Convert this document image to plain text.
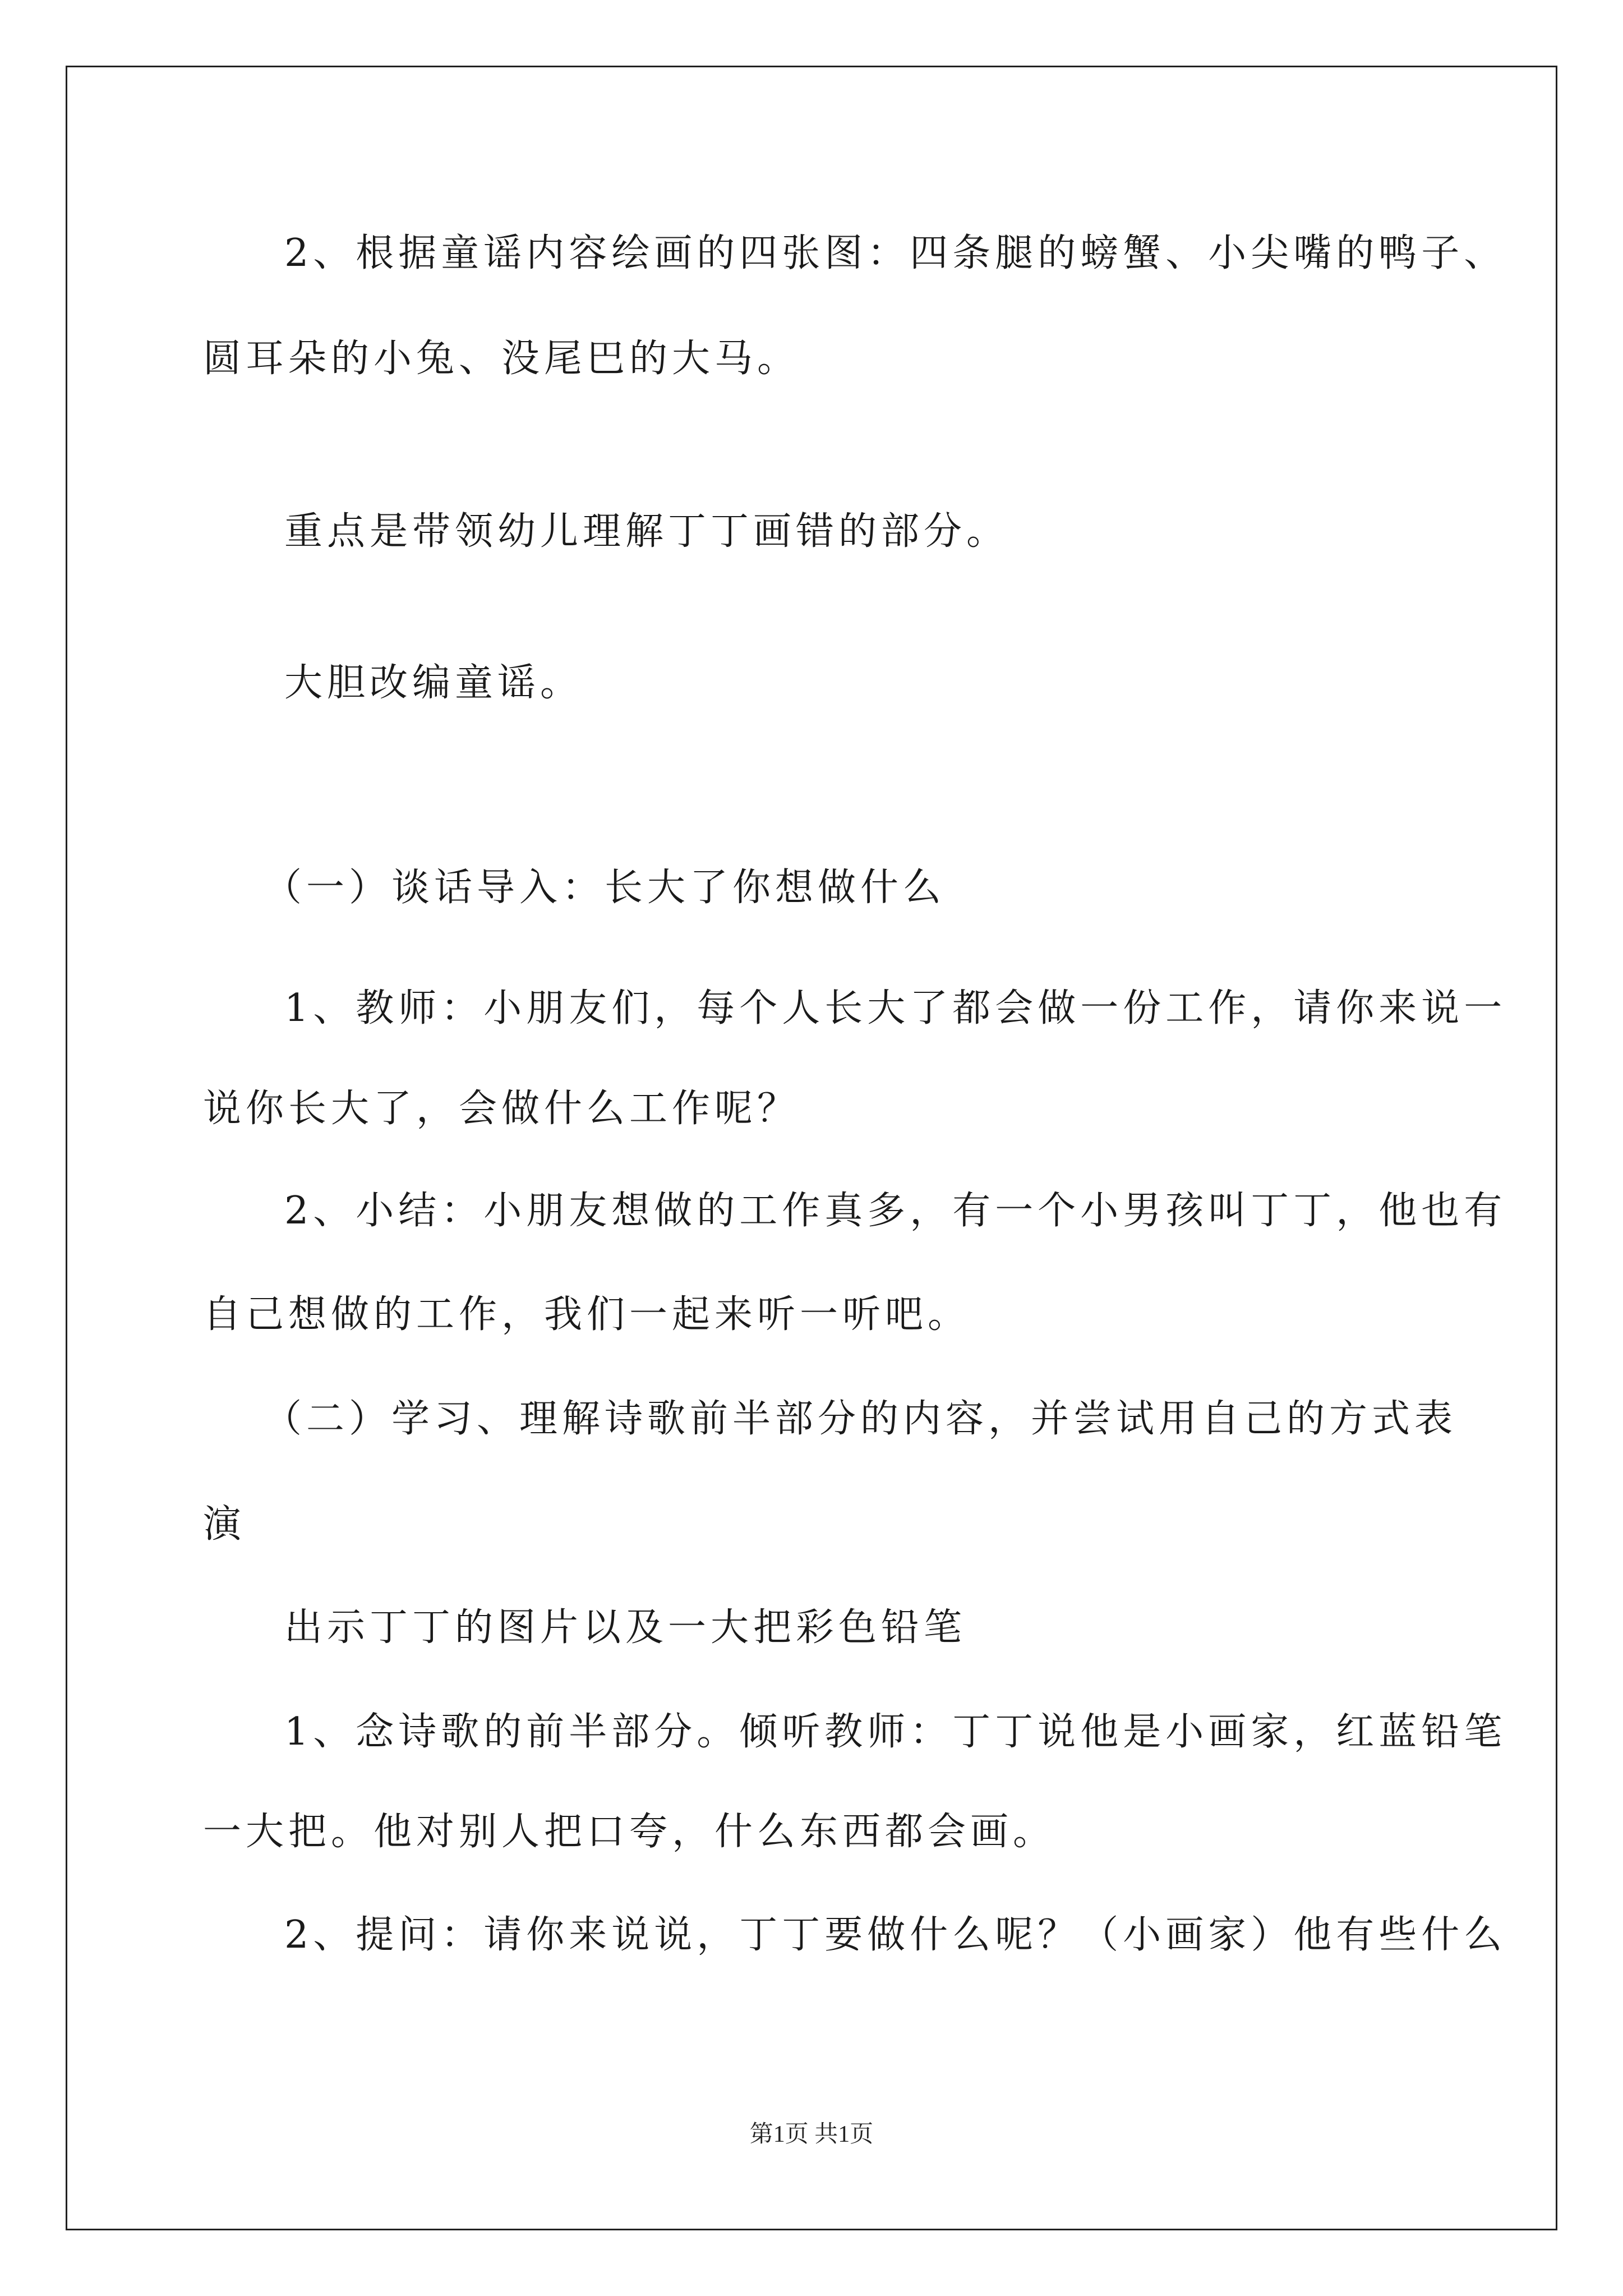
2、根据童谣内容绘画的四张图：四条腿的螃蟹、小尖嘴的鸭子、
圆耳朵的小兔、没尾巴的大马。
重点是带领幼儿理解丁丁画错的部分。
大胆改编童谣。
（一）谈话导入：长大了你想做什么
1、教师：小朋友们，每个人长大了都会做一份工作，请你来说一
说你长大了，会做什么工作呢？
2、小结：小朋友想做的工作真多，有一个小男孩叫丁丁，他也有
自己想做的工作，我们一起来听一听吧。
（二）学习、理解诗歌前半部分的内容，并尝试用自己的方式表
演
出示丁丁的图片以及一大把彩色铅笔
1、念诗歌的前半部分。倾听教师：丁丁说他是小画家，红蓝铅笔
一大把。他对别人把口夸，什么东西都会画。
2、提问：请你来说说，丁丁要做什么呢？（小画家）他有些什么
第1页 共1页
